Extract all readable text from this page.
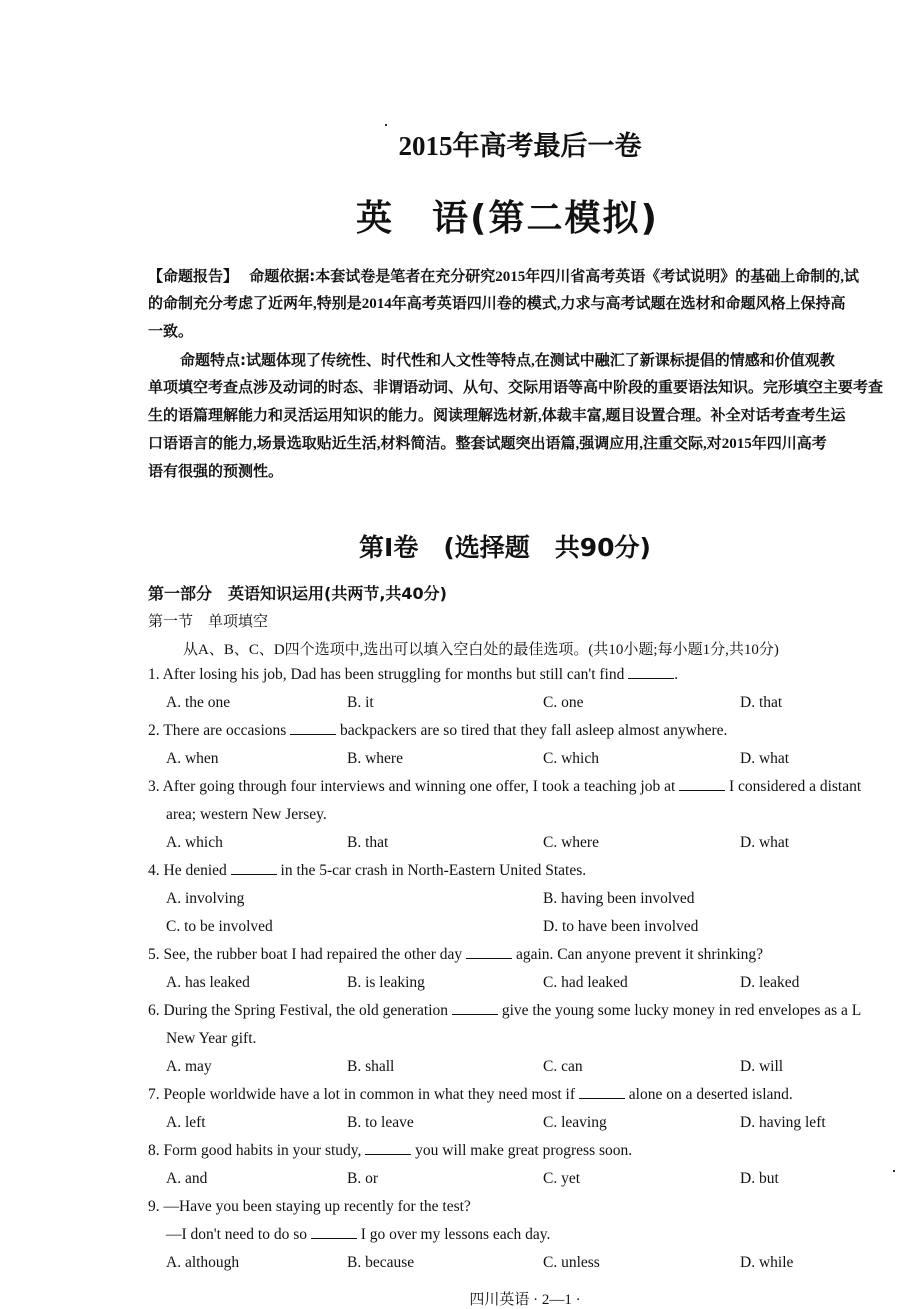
2015年高考最后一卷
英　语(第二模拟)
【命题报告】 命题依据:本套试卷是笔者在充分研究2015年四川省高考英语《考试说明》的基础上命制的,试
的命制充分考虑了近两年,特别是2014年高考英语四川卷的模式,力求与高考试题在选材和命题风格上保持高
一致。
命题特点:试题体现了传统性、时代性和人文性等特点,在测试中融汇了新课标提倡的情感和价值观教
单项填空考查点涉及动词的时态、非谓语动词、从句、交际用语等高中阶段的重要语法知识。完形填空主要考查
生的语篇理解能力和灵活运用知识的能力。阅读理解选材新,体裁丰富,题目设置合理。补全对话考查考生运
口语语言的能力,场景选取贴近生活,材料简洁。整套试题突出语篇,强调应用,注重交际,对2015年四川高考
语有很强的预测性。
第Ⅰ卷　(选择题　共90分)
第一部分　英语知识运用(共两节,共40分)
第一节　单项填空
从A、B、C、D四个选项中,选出可以填入空白处的最佳选项。(共10小题;每小题1分,共10分)
1. After losing his job, Dad has been struggling for months but still can't find	.
A. the one	B. it	C. one	D. that
2. There are occasions	backpackers are so tired that they fall asleep almost anywhere.
A. when	B. where	C. which	D. what
3. After going through four interviews and winning one offer, I took a teaching job at	I considered a distant
area; western New Jersey.
A. which	B. that	C. where	D. what
4. He denied	in the 5-car crash in North-Eastern United States.
A. involving	B. having been involved
C. to be involved	D. to have been involved
5. See, the rubber boat I had repaired the other day	again. Can anyone prevent it shrinking?
A. has leaked	B. is leaking	C. had leaked	D. leaked
6. During the Spring Festival, the old generation	give the young some lucky money in red envelopes as a L
New Year gift.
A. may	B. shall	C. can	D. will
7. People worldwide have a lot in common in what they need most if	alone on a deserted island.
A. left	B. to leave	C. leaving	D. having left
8. Form good habits in your study,	you will make great progress soon.
A. and	B. or	C. yet	D. but
9. —Have you been staying up recently for the test?
—I don't need to do so	I go over my lessons each day.
A. although	B. because	C. unless	D. while
四川英语 · 2—1 ·
